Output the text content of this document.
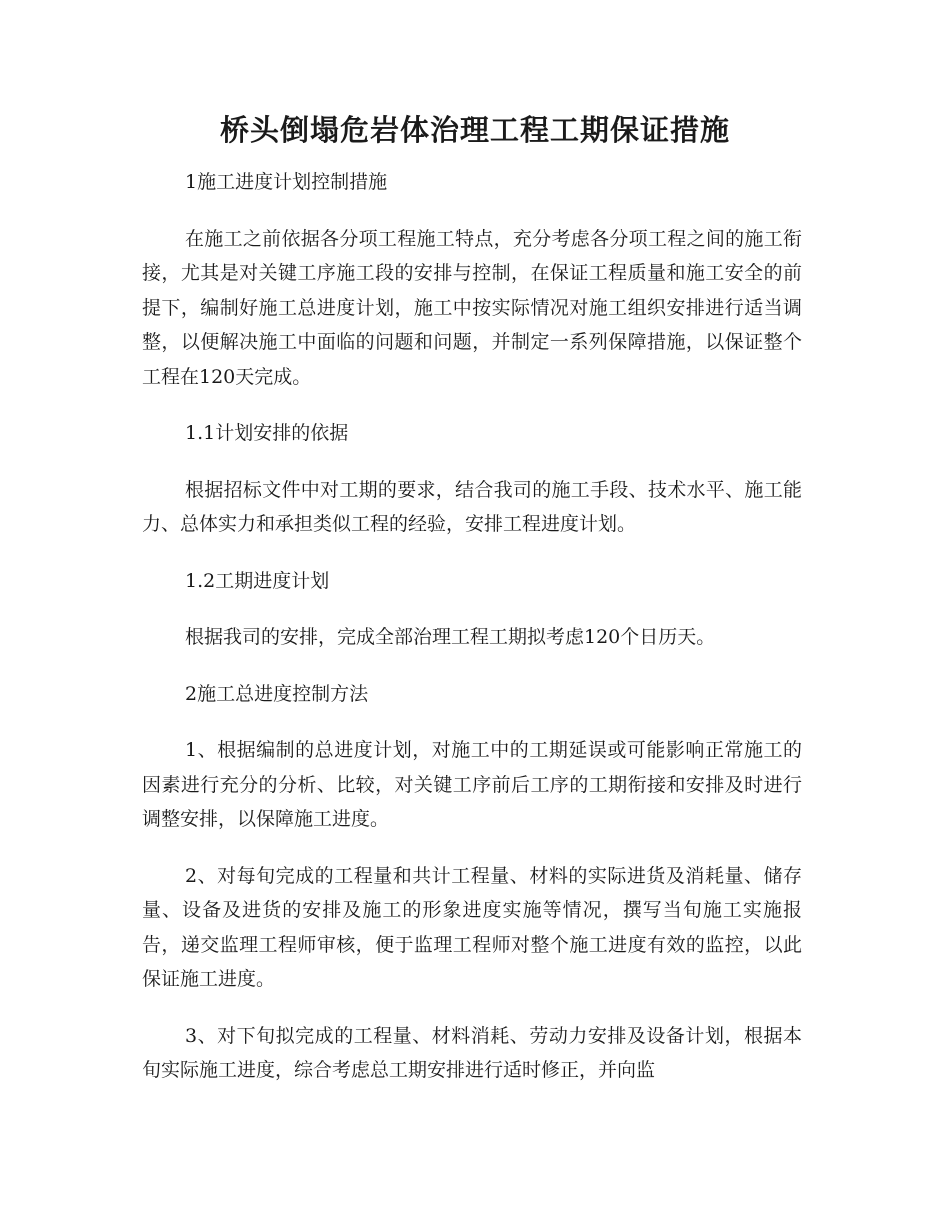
桥头倒塌危岩体治理工程工期保证措施

1施工进度计划控制措施

在施工之前依据各分项工程施工特点，充分考虑各分项工程之间的施工衔接，尤其是对关键工序施工段的安排与控制，在保证工程质量和施工安全的前提下，编制好施工总进度计划，施工中按实际情况对施工组织安排进行适当调整，以便解决施工中面临的问题和问题，并制定一系列保障措施，以保证整个工程在120天完成。

1.1计划安排的依据

根据招标文件中对工期的要求，结合我司的施工手段、技术水平、施工能力、总体实力和承担类似工程的经验，安排工程进度计划。

1.2工期进度计划

根据我司的安排，完成全部治理工程工期拟考虑120个日历天。

2施工总进度控制方法

1、根据编制的总进度计划，对施工中的工期延误或可能影响正常施工的因素进行充分的分析、比较，对关键工序前后工序的工期衔接和安排及时进行调整安排，以保障施工进度。

2、对每旬完成的工程量和共计工程量、材料的实际进货及消耗量、储存量、设备及进货的安排及施工的形象进度实施等情况，撰写当旬施工实施报告，递交监理工程师审核，便于监理工程师对整个施工进度有效的监控，以此保证施工进度。

3、对下旬拟完成的工程量、材料消耗、劳动力安排及设备计划，根据本旬实际施工进度，综合考虑总工期安排进行适时修正，并向监
